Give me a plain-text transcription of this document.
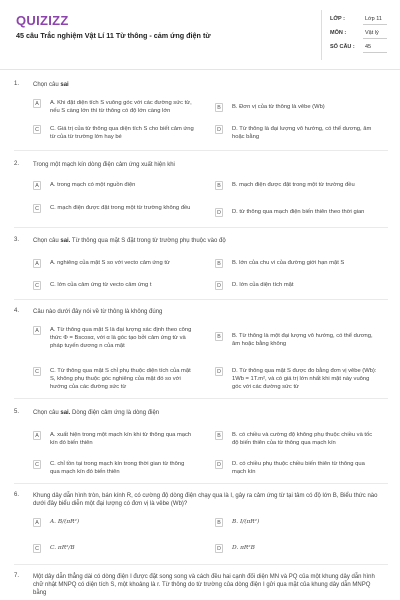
QUIZIZZ
45 câu Trắc nghiệm Vật Lí 11 Từ thông - cảm ứng điện từ
LỚP :	Lớp 11
MÔN :	Vật lý
SỐ CÂU : 45
1. Chọn câu sai
A	A. Khi đặt diện tích S vuông góc với các đường sức từ, nếu S càng lớn thì từ thông có độ lớn càng lớn	B	B. Đơn vị của từ thông là vêbe (Wb)
C	C. Giá trị của từ thông qua diện tích S cho biết cảm ứng từ của từ trường lớn hay bé
D	D. Từ thông là đại lượng vô hướng, có thể dương, âm hoặc bằng
2. Trong một mạch kín dòng điện cảm ứng xuất hiện khi
A	A. trong mạch có một nguồn điện	B	B. mạch điện được đặt trong một từ trường đều
C	C. mạch điện được đặt trong một từ trường không đều
D	D. từ thông qua mạch điện biến thiên theo thời gian
3. Chọn câu sai. Từ thông qua mặt S đặt trong từ trường phụ thuộc vào độ
A	A. nghiêng của mặt S so với vecto cảm ứng từ	B	B. lớn của chu vi của đường giới hạn mặt S
C	C. lớn của cảm ứng từ vecto cảm ứng t	D	D. lớn của diện tích mặt
4. Câu nào dưới đây nói về từ thông là không đúng
A	A. Từ thông qua mặt S là đại lượng xác định theo công thức Φ = Bscosα, với α là góc tạo bởi cảm ứng từ và pháp tuyến dương n của mặt
B	B. Từ thông là một đại lượng vô hướng, có thể dương, âm hoặc bằng không
C	C. Từ thông qua mặt S chỉ phụ thuộc diện tích của mặt S, không phụ thuộc góc nghiêng của mặt đó so với hướng của các đường sức từ
D	D. Từ thông qua mặt S được đo bằng đơn vị vêbe (Wb): 1Wb = 1T.m², và có giá trị lớn nhất khi mặt này vuông góc với các đường sức từ
5. Chọn câu sai. Dòng điện cảm ứng là dòng điện
A	A. xuất hiện trong một mạch kín khi từ thông qua mạch kín đó biến thiên
B	B. có chiều và cường độ không phụ thuộc chiều và tốc độ biến thiên của từ thông qua mạch kín
C	C. chỉ tồn tại trong mạch kín trong thời gian từ thông qua mạch kín đó biến thiên
D	D. có chiều phụ thuộc chiều biến thiên từ thông qua mạch kín
6. Khung dây dẫn hình tròn, bán kính R, có cường độ dòng điện chạy qua là I, gây ra cảm ứng từ tại tâm có độ lớn B, Biểu thức nào dưới đây biểu diễn một đại lượng có đơn vị là vêbe (Wb)?
A	A. B/(πR²)	B	B. I/(πR²)
C	C. πR²/B	D	D. πR²B
7. Một dây dẫn thẳng dài có dòng điện I được đặt song song và cách đều hai cạnh đối diện MN và PQ của một khung dây dẫn hình chữ nhật MNPQ có diện tích S, một khoảng là r. Từ thông do từ trường của dòng điện I gửi qua mặt của khung dây dẫn MNPQ bằng
